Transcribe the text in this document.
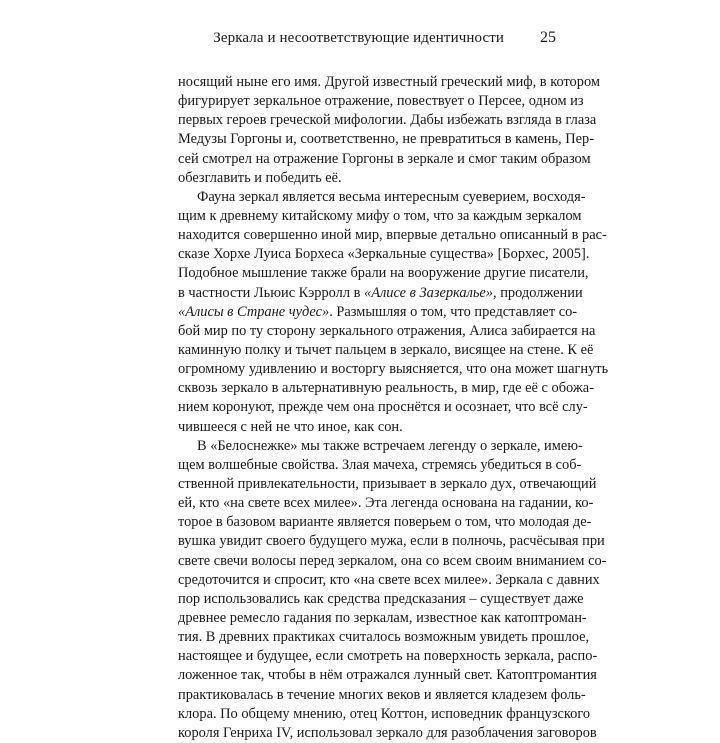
Зеркала и несоответствующие идентичности 25
носящий ныне его имя. Другой известный греческий миф, в котором
фигурирует зеркальное отражение, повествует о Персее, одном из
первых героев греческой мифологии. Дабы избежать взгляда в глаза
Медузы Горгоны и, соответственно, не превратиться в камень, Пер-
сей смотрел на отражение Горгоны в зеркале и смог таким образом
обезглавить и победить её.
Фауна зеркал является весьма интересным суеверием, восходя-
щим к древнему китайскому мифу о том, что за каждым зеркалом
находится совершенно иной мир, впервые детально описанный в рас-
сказе Хорхе Луиса Борхеса «Зеркальные существа» [Борхес, 2005].
Подобное мышление также брали на вооружение другие писатели,
в частности Льюис Кэрролл в «Алисе в Зазеркалье», продолжении
«Алисы в Стране чудес». Размышляя о том, что представляет со-
бой мир по ту сторону зеркального отражения, Алиса забирается на
каминную полку и тычет пальцем в зеркало, висящее на стене. К её
огромному удивлению и восторгу выясняется, что она может шагнуть
сквозь зеркало в альтернативную реальность, в мир, где её с обожа-
нием коронуют, прежде чем она проснётся и осознает, что всё слу-
чившееся с ней не что иное, как сон.
В «Белоснежке» мы также встречаем легенду о зеркале, имею-
щем волшебные свойства. Злая мачеха, стремясь убедиться в соб-
ственной привлекательности, призывает в зеркало дух, отвечающий
ей, кто «на свете всех милее». Эта легенда основана на гадании, ко-
торое в базовом варианте является поверьем о том, что молодая де-
вушка увидит своего будущего мужа, если в полночь, расчёсывая при
свете свечи волосы перед зеркалом, она со всем своим вниманием со-
средоточится и спросит, кто «на свете всех милее». Зеркала с давних
пор использовались как средства предсказания – существует даже
древнее ремесло гадания по зеркалам, известное как катоптроман-
тия. В древних практиках считалось возможным увидеть прошлое,
настоящее и будущее, если смотреть на поверхность зеркала, распо-
ложенное так, чтобы в нём отражался лунный свет. Катоптромантия
практиковалась в течение многих веков и является кладезем фоль-
клора. По общему мнению, отец Коттон, исповедник французского
короля Генриха IV, использовал зеркало для разоблачения заговоров
